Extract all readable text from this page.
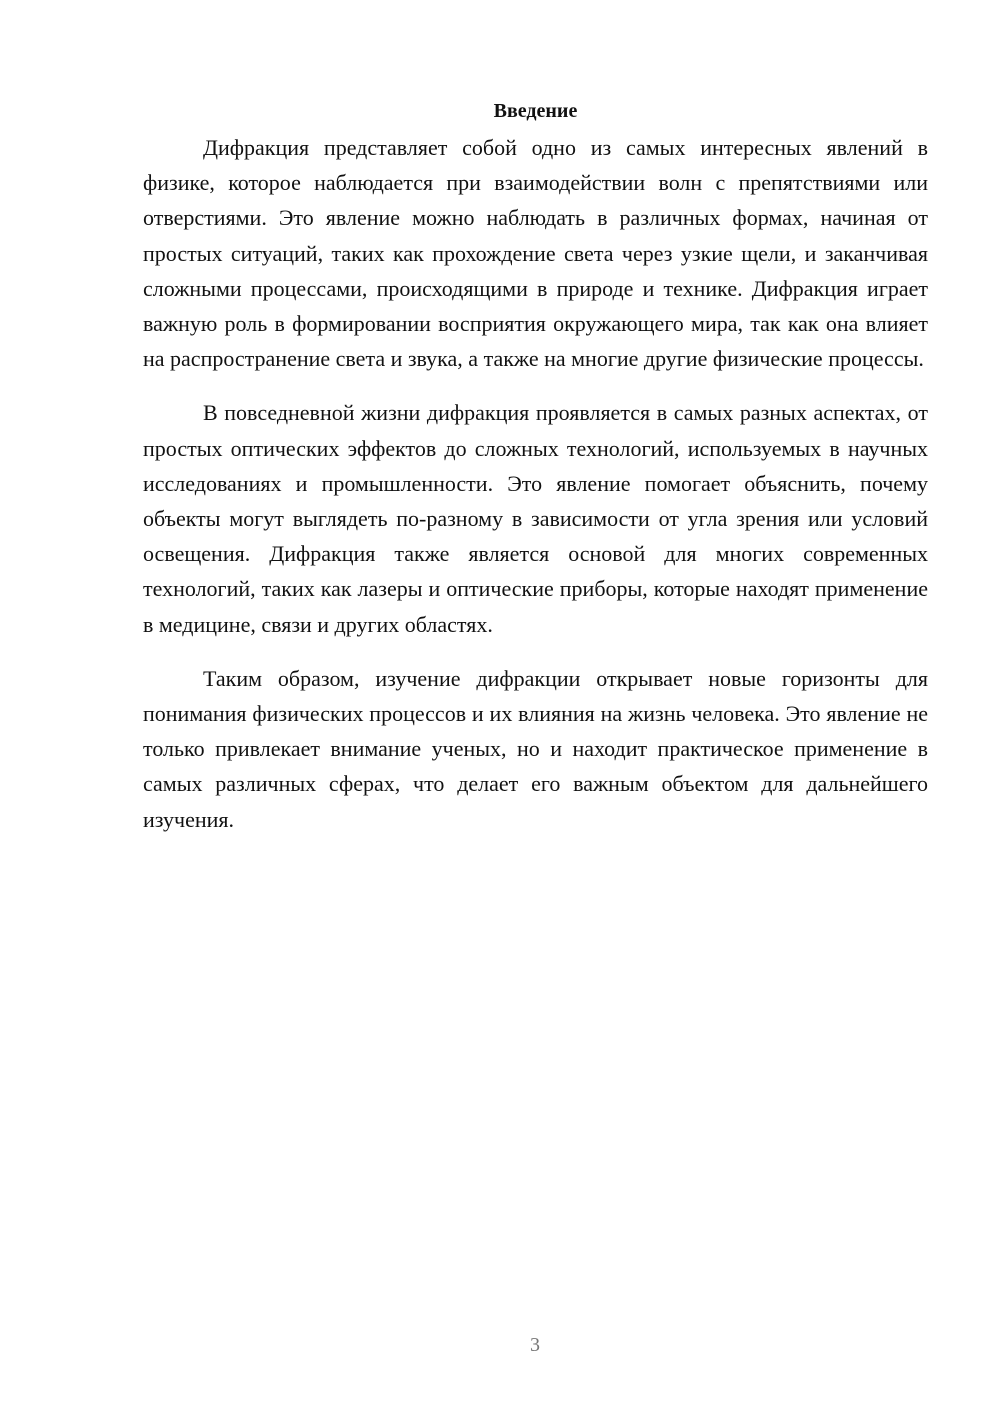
Введение

Дифракция представляет собой одно из самых интересных явлений в физике, которое наблюдается при взаимодействии волн с препятствиями или отверстиями. Это явление можно наблюдать в различных формах, начиная от простых ситуаций, таких как прохождение света через узкие щели, и заканчивая сложными процессами, происходящими в природе и технике. Дифракция играет важную роль в формировании восприятия окружающего мира, так как она влияет на распространение света и звука, а также на многие другие физические процессы.

В повседневной жизни дифракция проявляется в самых разных аспектах, от простых оптических эффектов до сложных технологий, используемых в научных исследованиях и промышленности. Это явление помогает объяснить, почему объекты могут выглядеть по-разному в зависимости от угла зрения или условий освещения. Дифракция также является основой для многих современных технологий, таких как лазеры и оптические приборы, которые находят применение в медицине, связи и других областях.

Таким образом, изучение дифракции открывает новые горизонты для понимания физических процессов и их влияния на жизнь человека. Это явление не только привлекает внимание ученых, но и находит практическое применение в самых различных сферах, что делает его важным объектом для дальнейшего изучения.

3
